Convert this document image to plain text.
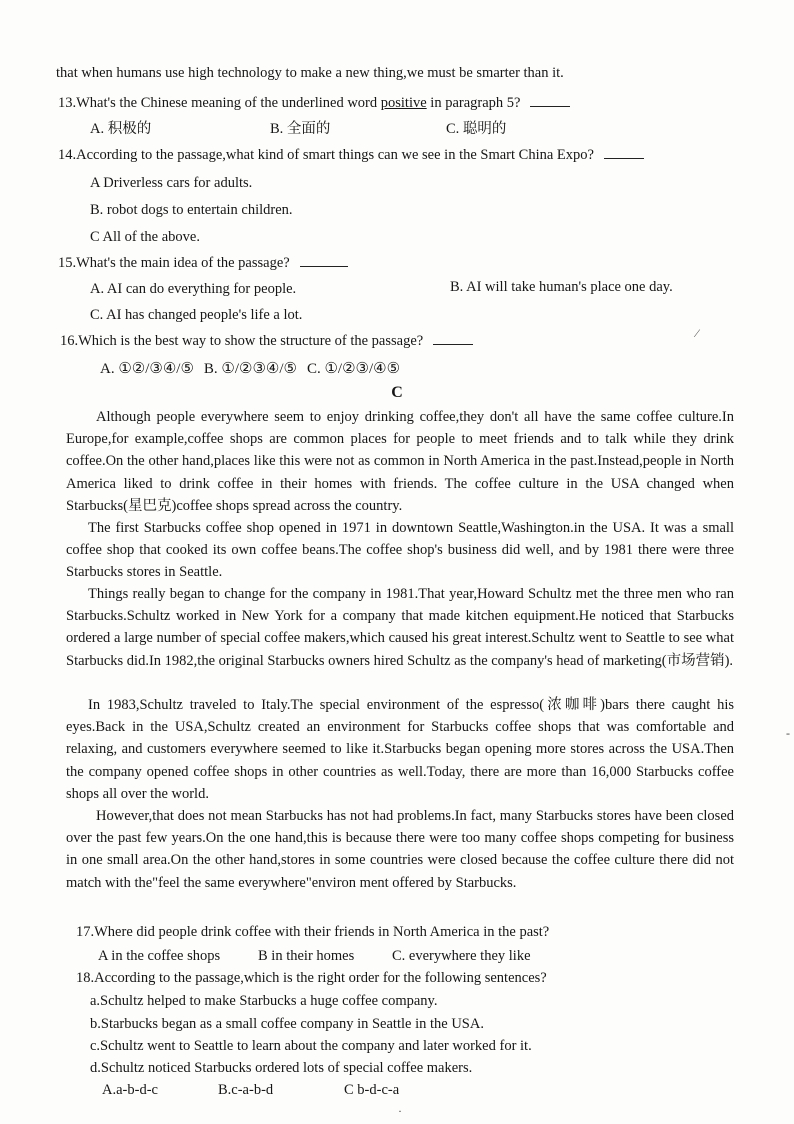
that when humans use high technology to make a new thing,we must be smarter than it.
13.What's the Chinese meaning of the underlined word positive in paragraph 5?
A. 积极的	B. 全面的	C. 聪明的
14.According to the passage,what kind of smart things can we see in the Smart China Expo?
A Driverless cars for adults.
B. robot dogs to entertain children.
C All of the above.
15.What's the main idea of the passage?
A. AI can do everything for people.	B. AI will take human's place one day.
C. AI has changed people's life a lot.
16.Which is the best way to show the structure of the passage?	⁄
A. ①②/③④/⑤ B. ①/②③④/⑤ C. ①/②③/④⑤
C
Although people everywhere seem to enjoy drinking coffee,they don't all have the same coffee culture.In Europe,for example,coffee shops are common places for people to meet friends and to talk while they drink coffee.On the other hand,places like this were not as common in North America in the past.Instead,people in North America liked to drink coffee in their homes with friends. The coffee culture in the USA changed when Starbucks(星巴克)coffee shops spread across the country.
The first Starbucks coffee shop opened in 1971 in downtown Seattle,Washington.in the USA. It was a small coffee shop that cooked its own coffee beans.The coffee shop's business did well, and by 1981 there were three Starbucks stores in Seattle.
Things really began to change for the company in 1981.That year,Howard Schultz met the three men who ran Starbucks.Schultz worked in New York for a company that made kitchen equipment.He noticed that Starbucks ordered a large number of special coffee makers,which caused his great interest.Schultz went to Seattle to see what Starbucks did.In 1982,the original Starbucks owners hired Schultz as the company's head of marketing(市场营销).
In 1983,Schultz traveled to Italy.The special environment of the espresso(浓咖啡)bars there caught his eyes.Back in the USA,Schultz created an environment for Starbucks coffee shops that was comfortable and relaxing, and customers everywhere seemed to like it.Starbucks began opening more stores across the USA.Then the company opened coffee shops in other countries as well.Today, there are more than 16,000 Starbucks coffee shops all over the world.
However,that does not mean Starbucks has not had problems.In fact, many Starbucks stores have been closed over the past few years.On the one hand,this is because there were too many coffee shops competing for business in one small area.On the other hand,stores in some countries were closed because the coffee culture there did not match with the"feel the same everywhere"environ ment offered by Starbucks.
17.Where did people drink coffee with their friends in North America in the past?
A in the coffee shops	B in their homes	C. everywhere they like
18.According to the passage,which is the right order for the following sentences?
a.Schultz helped to make Starbucks a huge coffee company.
b.Starbucks began as a small coffee company in Seattle in the USA.
c.Schultz went to Seattle to learn about the company and later worked for it.
d.Schultz noticed Starbucks ordered lots of special coffee makers.
A.a-b-d-c	B.c-a-b-d	C b-d-c-a
·
-
